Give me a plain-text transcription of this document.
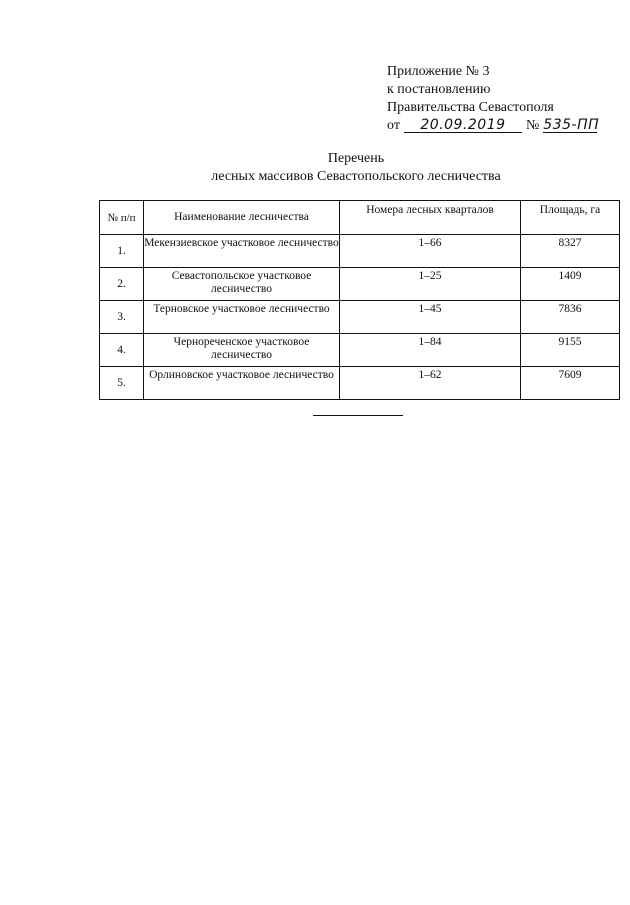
Приложение № 3
к постановлению
Правительства Севастополя
от 20.09.2019 № 535-ПП
Перечень
лесных массивов Севастопольского лесничества
№ п/п	Наименование лесничества	Номера лесных кварталов	Площадь, га
1.	Мекензиевское участковое лесничество	1–66	8327
2.	Севастопольское участковое лесничество	1–25	1409
3.	Терновское участковое лесничество	1–45	7836
4.	Чернореченское участковое лесничество	1–84	9155
5.	Орлиновское участковое лесничество	1–62	7609
